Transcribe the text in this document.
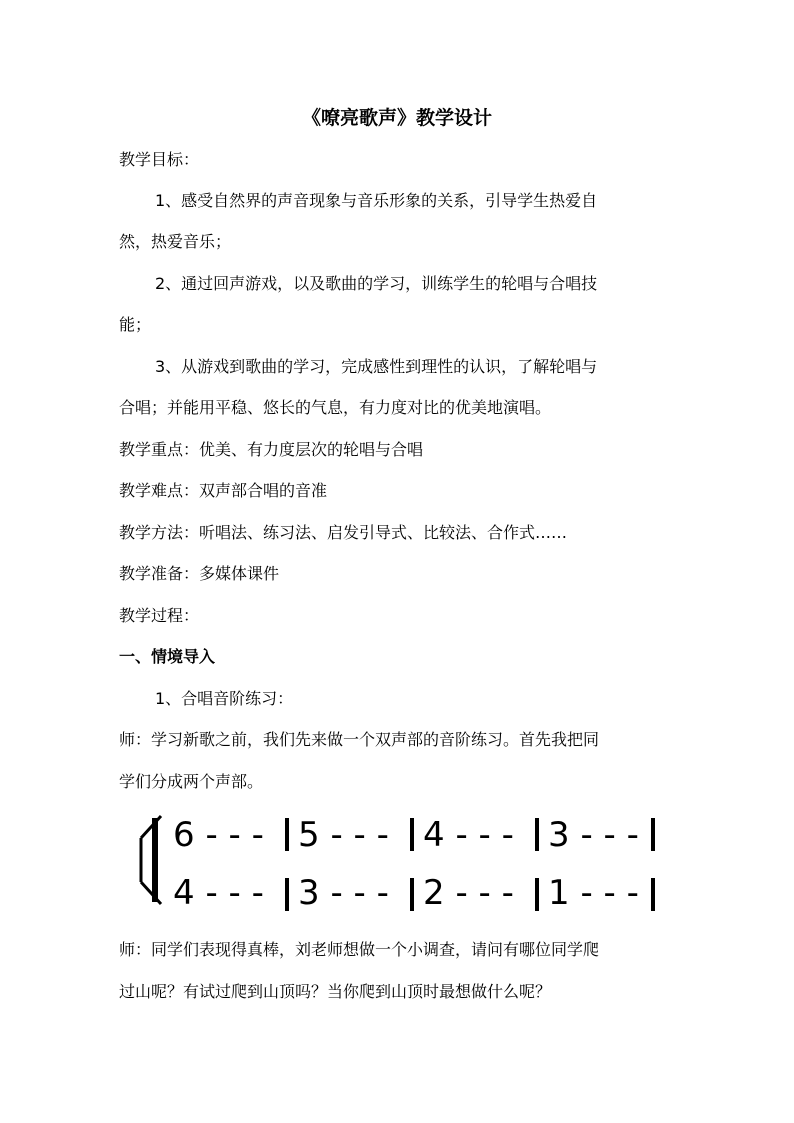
《嘹亮歌声》教学设计
教学目标：
1、感受自然界的声音现象与音乐形象的关系，引导学生热爱自
然，热爱音乐；
2、通过回声游戏，以及歌曲的学习，训练学生的轮唱与合唱技
能；
3、从游戏到歌曲的学习，完成感性到理性的认识，了解轮唱与
合唱；并能用平稳、悠长的气息，有力度对比的优美地演唱。
教学重点：优美、有力度层次的轮唱与合唱
教学难点：双声部合唱的音准
教学方法：听唱法、练习法、启发引导式、比较法、合作式……
教学准备：多媒体课件
教学过程：
一、情境导入
1、合唱音阶练习：
师：学习新歌之前，我们先来做一个双声部的音阶练习。首先我把同
学们分成两个声部。
6 - - - 5 - - - 4 - - - 3 - - -
4 - - - 3 - - - 2 - - - 1 - - -
师：同学们表现得真棒，刘老师想做一个小调查，请问有哪位同学爬
过山呢？有试过爬到山顶吗？当你爬到山顶时最想做什么呢？
